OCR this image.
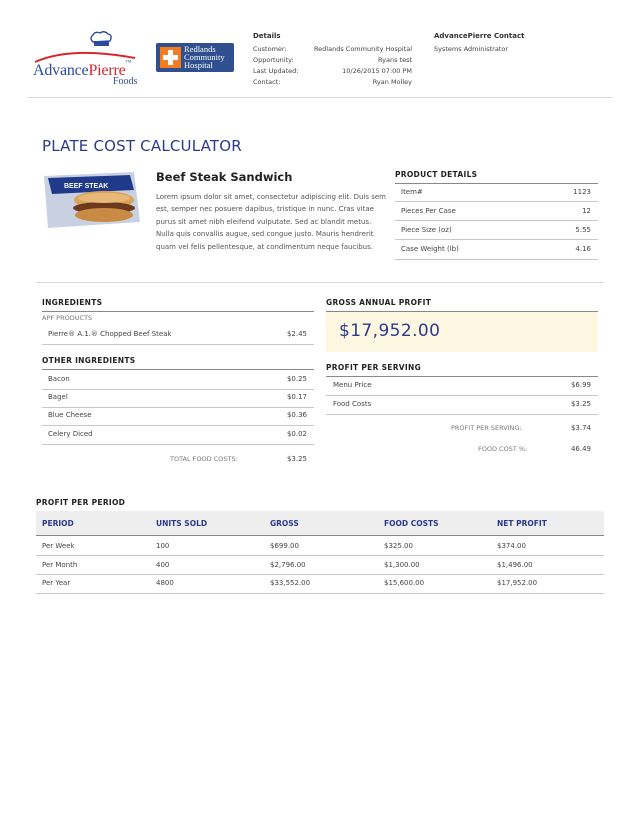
AdvancePierre™
Foods
Redlands
Community
Hospital
Details
Customer:	Redlands Community Hospital
Opportunity:	Ryans test
Last Updated:	10/26/2015 07:00 PM
Contact:	Ryan Molley
AdvancePierre Contact
Systems Administrator
PLATE COST CALCULATOR
BEEF STEAK
Beef Steak Sandwich
Lorem ipsum dolor sit amet, consectetur adipiscing elit. Duis sem est, semper nec posuere dapibus, tristique in nunc. Cras vitae purus sit amet nibh eleifend vulputate. Sed ac blandit metus. Nulla quis convallis augue, sed congue justo. Mauris hendrerit quam vel felis pellentesque, at condimentum neque faucibus.
PRODUCT DETAILS
Item#	1123
Pieces Per Case	12
Piece Size (oz)	5.55
Case Weight (lb)	4.16
INGREDIENTS
APF PRODUCTS
Pierre® A.1.® Chopped Beef Steak	$2.45
OTHER INGREDIENTS
Bacon	$0.25
Bagel	$0.17
Blue Cheese	$0.36
Celery Diced	$0.02
TOTAL FOOD COSTS:	$3.25
GROSS ANNUAL PROFIT
$17,952.00
PROFIT PER SERVING
Menu Price	$6.99
Food Costs	$3.25
PROFIT PER SERVING:	$3.74
FOOD COST %:	46.49
PROFIT PER PERIOD
PERIOD	UNITS SOLD	GROSS	FOOD COSTS	NET PROFIT
Per Week	100	$699.00	$325.00	$374.00
Per Month	400	$2,796.00	$1,300.00	$1,496.00
Per Year	4800	$33,552.00	$15,600.00	$17,952.00
